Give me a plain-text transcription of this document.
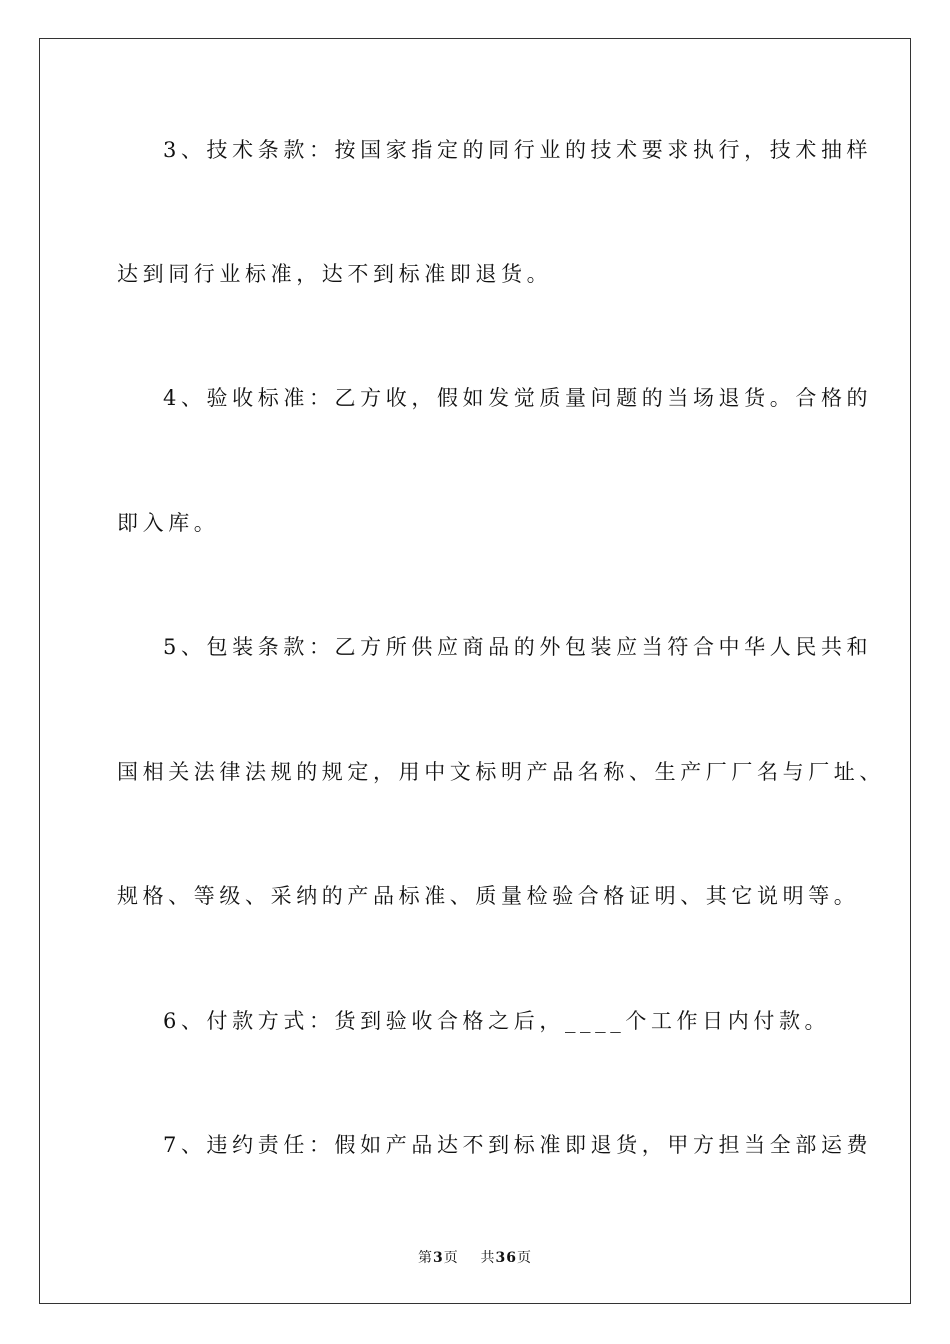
3、技术条款：按国家指定的同行业的技术要求执行，技术抽样
达到同行业标准，达不到标准即退货。
4、验收标准：乙方收，假如发觉质量问题的当场退货。合格的
即入库。
5、包装条款：乙方所供应商品的外包装应当符合中华人民共和
国相关法律法规的规定，用中文标明产品名称、生产厂厂名与厂址、
规格、等级、采纳的产品标准、质量检验合格证明、其它说明等。
6、付款方式：货到验收合格之后，____个工作日内付款。
7、违约责任：假如产品达不到标准即退货，甲方担当全部运费
第3页 共36页
